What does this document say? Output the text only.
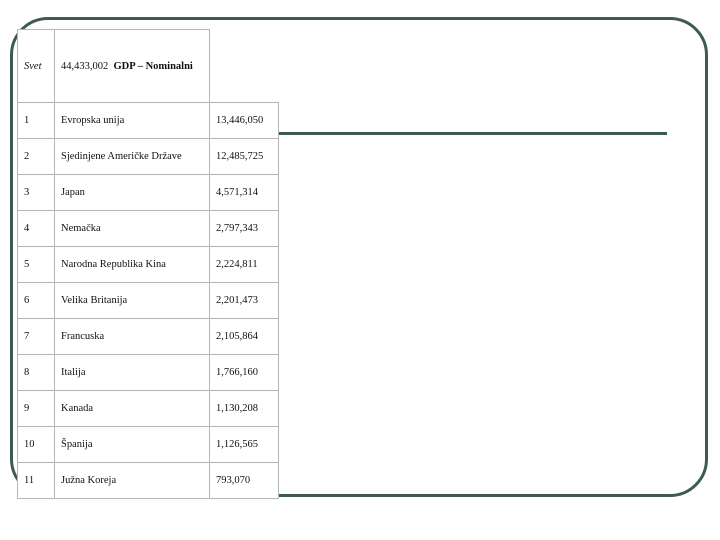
Svet	44,433,002 GDP – Nominalni	
1	Evropska unija	13,446,050
2	Sjedinjene Američke Države	12,485,725
3	Japan	4,571,314
4	Nemačka	2,797,343
5	Narodna Republika Kina	2,224,811
6	Velika Britanija	2,201,473
7	Francuska	2,105,864
8	Italija	1,766,160
9	Kanada	1,130,208
10	Španija	1,126,565
11	Južna Koreja	793,070
